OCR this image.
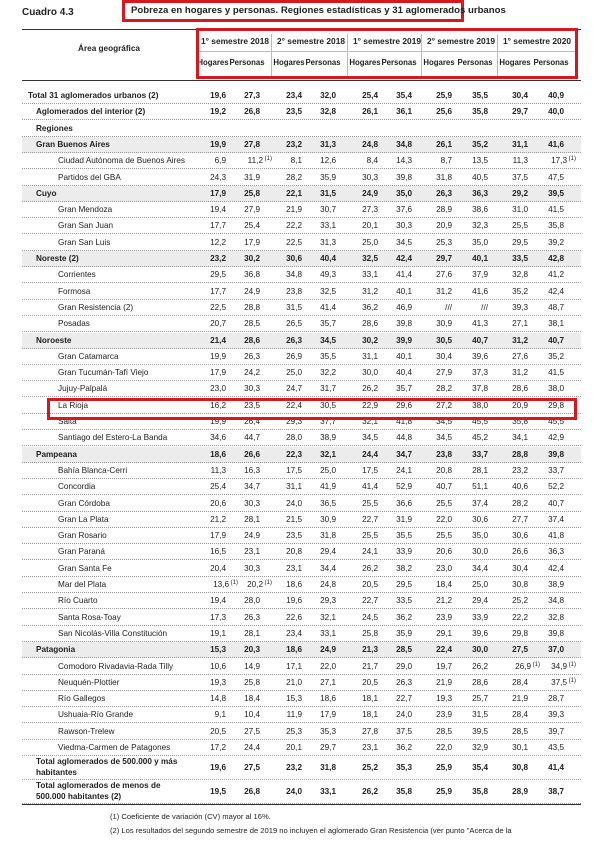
Cuadro 4.3	Pobreza en hogares y personas. Regiones estadísticas y 31 aglomerados urbanos
Área geográfica
1° semestre 2018
Hogares Personas
2° semestre 2018
Hogares Personas
1° semestre 2019
Hogares Personas
2° semestre 2019
Hogares Personas
1° semestre 2020
Hogares Personas
Total 31 aglomerados urbanos (2)	19,6	27,3	23,4	32,0	25,4	35,4	25,9	35,5	30,4	40,9
Aglomerados del interior (2)	19,2	26,8	23,5	32,8	26,1	36,1	25,6	35,8	29,7	40,0
Regiones
Gran Buenos Aires	19,9	27,8	23,2	31,3	24,8	34,8	26,1	35,2	31,1	41,6
Ciudad Autónoma de Buenos Aires	6,9	11,2 $^{(1)}$	8,1	12,6	8,4	14,3	8,7	13,5	11,3	17,3 $^{(1)}$
Partidos del GBA	24,3	31,9	28,2	35,9	30,3	39,8	31,8	40,5	37,5	47,5
Cuyo	17,9	25,8	22,1	31,5	24,9	35,0	26,3	36,3	29,2	39,5
Gran Mendoza	19,4	27,9	21,9	30,7	27,3	37,6	28,9	38,6	31,0	41,5
Gran San Juan	17,7	25,4	22,2	33,1	20,1	30,3	20,9	32,3	25,5	35,8
Gran San Luis	12,2	17,9	22,5	31,3	25,0	34,5	25,3	35,0	29,5	39,2
Noreste (2)	23,2	30,2	30,6	40,4	32,5	42,4	29,7	40,1	33,5	42,8
Corrientes	29,5	36,8	34,8	49,3	33,1	41,4	27,6	37,9	32,8	41,2
Formosa	17,7	24,9	23,8	32,5	31,2	40,1	31,2	41,6	35,2	42,4
Gran Resistencia (2)	22,5	28,8	31,5	41,4	36,2	46,9	///	///	39,3	48,7
Posadas	20,7	28,5	26,5	35,7	28,6	39,8	30,9	41,3	27,1	38,1
Noroeste	21,4	28,6	26,3	34,5	30,2	39,9	30,5	40,7	31,2	40,7
Gran Catamarca	19,9	26,3	26,9	35,5	31,1	40,1	30,4	39,6	27,6	35,2
Gran Tucumán-Tafí Viejo	17,9	24,2	25,0	32,2	30,0	40,4	27,9	37,3	31,2	41,5
Jujuy-Palpalá	23,0	30,3	24,7	31,7	26,2	35,7	28,2	37,8	28,6	38,0
La Rioja	16,2	23,5	22,4	30,5	22,9	29,6	27,2	38,0	20,9	29,8
Salta	19,9	26,4	29,3	37,7	32,1	41,8	34,5	45,5	35,8	45,5
Santiago del Estero-La Banda	34,6	44,7	28,0	38,9	34,5	44,8	34,5	45,2	34,1	42,9
Pampeana	18,6	26,6	22,3	32,1	24,4	34,7	23,8	33,7	28,8	39,8
Bahía Blanca-Cerri	11,3	16,3	17,5	25,0	17,5	24,1	20,8	28,1	23,2	33,7
Concordia	25,4	34,7	31,1	41,9	41,4	52,9	40,7	51,1	40,6	52,2
Gran Córdoba	20,6	30,3	24,0	36,5	25,5	36,6	25,5	37,4	28,2	40,7
Gran La Plata	21,2	28,1	21,5	30,9	22,7	31,9	22,0	30,6	27,7	37,4
Gran Rosario	17,9	24,9	23,5	31,8	25,5	35,5	25,5	35,0	30,6	41,8
Gran Paraná	16,5	23,1	20,8	29,4	24,1	33,9	20,6	30,0	26,6	36,3
Gran Santa Fe	20,4	30,3	23,1	34,4	26,2	38,2	23,0	34,4	30,4	42,4
Mar del Plata	13,6 $^{(1)}$	20,2 $^{(1)}$	18,6	24,8	20,5	29,5	18,4	25,0	30,8	38,9
Río Cuarto	19,4	28,0	19,6	29,3	22,7	33,5	21,2	29,4	25,2	34,8
Santa Rosa-Toay	17,3	26,3	22,6	32,1	24,5	36,2	23,9	33,9	22,2	32,8
San Nicolás-Villa Constitución	19,1	28,1	23,4	33,1	25,8	35,9	29,1	39,6	29,8	39,8
Patagonia	15,3	20,3	18,6	24,9	21,3	28,5	22,4	30,0	27,5	37,0
Comodoro Rivadavia-Rada Tilly	10,6	14,9	17,1	22,0	21,7	29,0	19,7	26,2	26,9 $^{(1)}$	34,9 $^{(1)}$
Neuquén-Plottier	19,3	25,8	21,0	27,1	20,5	26,3	21,9	28,6	28,4	37,5 $^{(1)}$
Río Gallegos	14,8	18,4	15,3	18,6	18,1	22,7	19,3	25,7	21,9	28,7
Ushuaia-Río Grande	9,1	10,4	11,9	17,9	18,1	24,0	23,9	31,5	28,4	39,3
Rawson-Trelew	20,5	27,5	25,3	35,3	27,8	37,5	28,5	39,5	28,5	39,7
Viedma-Carmen de Patagones	17,2	24,4	20,1	29,7	23,1	36,2	22,0	32,9	30,1	43,5
Total aglomerados de 500.000 y más
habitantes
19,6	27,5	23,2	31,8	25,2	35,3	25,9	35,4	30,8	41,4
Total aglomerados de menos de
500.000 habitantes (2)
19,5	26,8	24,0	33,1	26,2	35,8	25,9	35,8	28,9	38,7
(1) Coeficiente de variación (CV) mayor al 16%.
(2) Los resultados del segundo semestre de 2019 no incluyen el aglomerado Gran Resistencia (ver punto "Acerca de la
